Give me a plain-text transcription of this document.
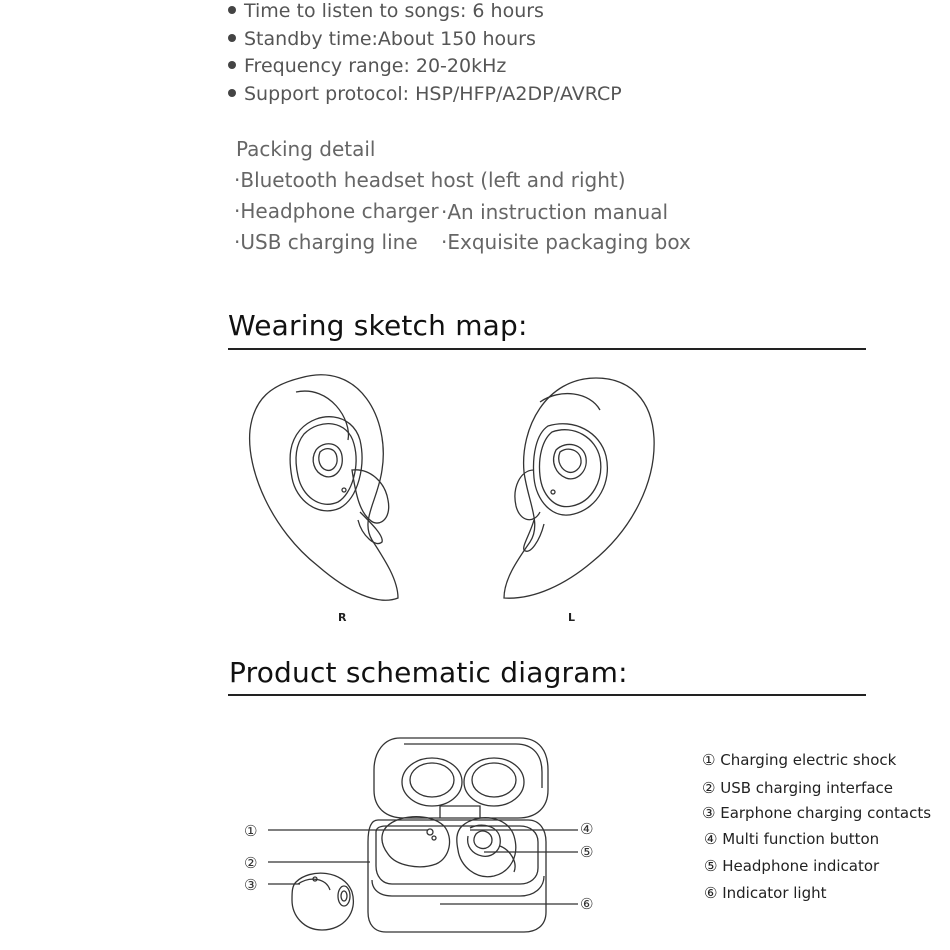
Time to listen to songs: 6 hours
Standby time:About 150 hours
Frequency range: 20-20kHz
Support protocol: HSP/HFP/A2DP/AVRCP
Packing detail
·Bluetooth headset host (left and right)
·Headphone charger ·An instruction manual
·USB charging line ·Exquisite packaging box
Wearing sketch map:
R	L
Product schematic diagram:
①
②
③
④
⑤
⑥
① Charging electric shock
② USB charging interface
③ Earphone charging contacts
④ Multi function button
⑤ Headphone indicator
⑥ Indicator light
